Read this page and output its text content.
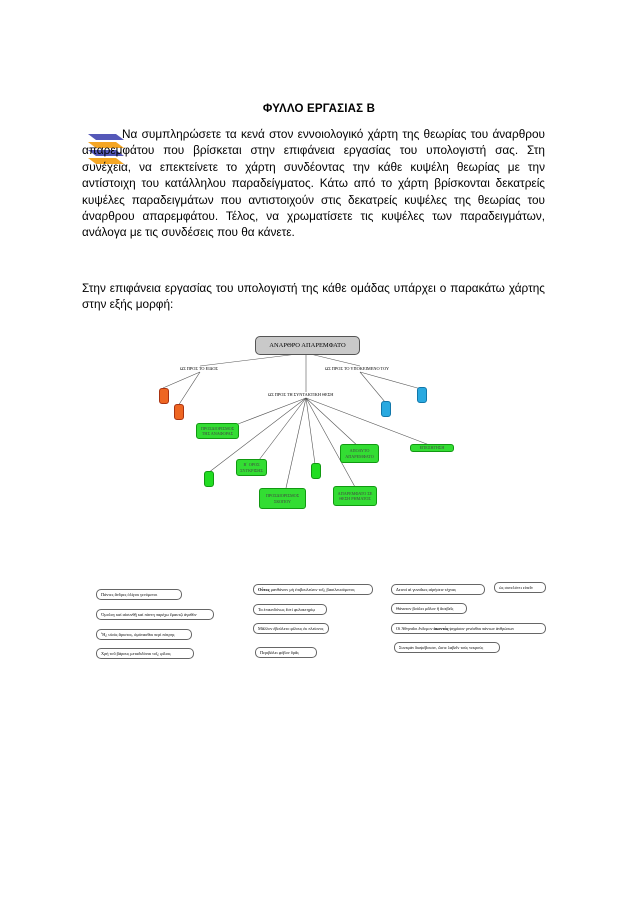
ΦΥΛΛΟ ΕΡΓΑΣΙΑΣ Β

Να συμπληρώσετε τα κενά στον εννοιολογικό χάρτη της θεωρίας του άναρθρου απαρεμφάτου που βρίσκεται στην επιφάνεια εργασίας του υπολογιστή σας. Στη συνέχεια, να επεκτείνετε το χάρτη συνδέοντας την κάθε κυψέλη θεωρίας με την αντίστοιχη του κατάλληλου παραδείγματος. Κάτω από το χάρτη βρίσκονται δεκατρείς κυψέλες παραδειγμάτων που αντιστοιχούν στις δεκατρείς κυψέλες της θεωρίας του άναρθρου απαρεμφάτου. Τέλος, να χρωματίσετε τις κυψέλες των παραδειγμάτων, ανάλογα με τις συνδέσεις που θα κάνετε.

Στην επιφάνεια εργασίας του υπολογιστή της κάθε ομάδας υπάρχει ο παρακάτω χάρτης στην εξής μορφή:

ΑΝΑΡΘΡΟ ΑΠΑΡΕΜΦΑΤΟ
ΩΣ ΠΡΟΣ ΤΟ ΕΙΔΟΣ	ΩΣ ΠΡΟΣ ΤΟ ΥΠΟΚΕΙΜΕΝΟ ΤΟΥ
ΩΣ ΠΡΟΣ ΤΗ ΣΥΝΤΑΚΤΙΚΗ ΘΕΣΗ
ΠΡΟΣΔΙΟΡΙΣΜΟΣ ΤΗΣ ΑΝΑΦΟΡΑΣ
Β΄ ΟΡΟΣ ΣΥΓΚΡΙΣΗΣ
ΠΡΟΣΔΙΟΡΙΣΜΟΣ ΣΚΟΠΟΥ
ΑΠΑΡΕΜΦΑΤΟ ΣΕ ΘΕΣΗ ΡΗΜΑΤΟΣ
ΑΠΟΛΥΤΟ ΑΠΑΡΕΜΦΑΤΟ
ΕΠΕΞΗΓΗΣΗ
Πάντες ἄνδρες ὁλίγου γενόμενοι
Ὁμολογ καί αἰσυνθῇ καί πάντη παρέχω ἔμαυτῷ ἀγαθόν
Ἦ¿ υἱούς ἄριστος, ἀμύνασθαι περί πάτρης
Χρή τοῦ βάρους μεταδιδόναι τοῖ¿ φίλοις
Οὗτος
μανθάνειν μή ἐπιβουλεύειν τοῖ¿ βασιλευσόμενος
Τα ἐπικινδύνως ἔστί φυλακτηρίῳ
Μᾶλλον ἐβούλετο φίλους ἐκ πλείονος
Περιβάλει φόβον ὅρᾶς
Δεινοί αἱ γυναῖκες αἰρήσειν τέχνας	ὡς συνελόντι εἰπεῖν
Θάνατον βούλει μᾶλον ἤ ἄσεβεῖς
Οἱ Ἀθηναῖοι ἔνδεμον
ἀκοντάς
ψηφίσαν γενέσθαι πάντων ἀνθρώπων
Συνεφάν διαψέβοισιν, ὥστε λαβεῖν τοὺς νεκρούς
